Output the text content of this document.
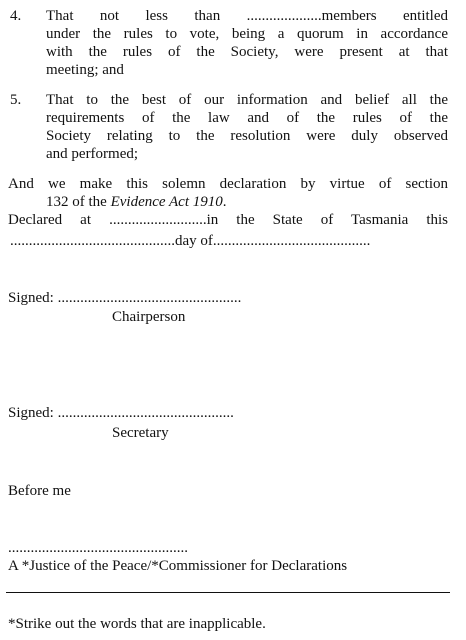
4. That not less than ....................members entitled
under the rules to vote, being a quorum in accordance
with the rules of the Society, were present at that
meeting; and
5. That to the best of our information and belief all the
requirements of the law and of the rules of the
Society relating to the resolution were duly observed
and performed;
And we make this solemn declaration by virtue of section
132 of the Evidence Act 1910.
Declared at ..........................in the State of Tasmania this
............................................day of..........................................
Signed: .................................................
Chairperson
Signed: ...............................................
Secretary
Before me
................................................
A *Justice of the Peace/*Commissioner for Declarations
*Strike out the words that are inapplicable.
